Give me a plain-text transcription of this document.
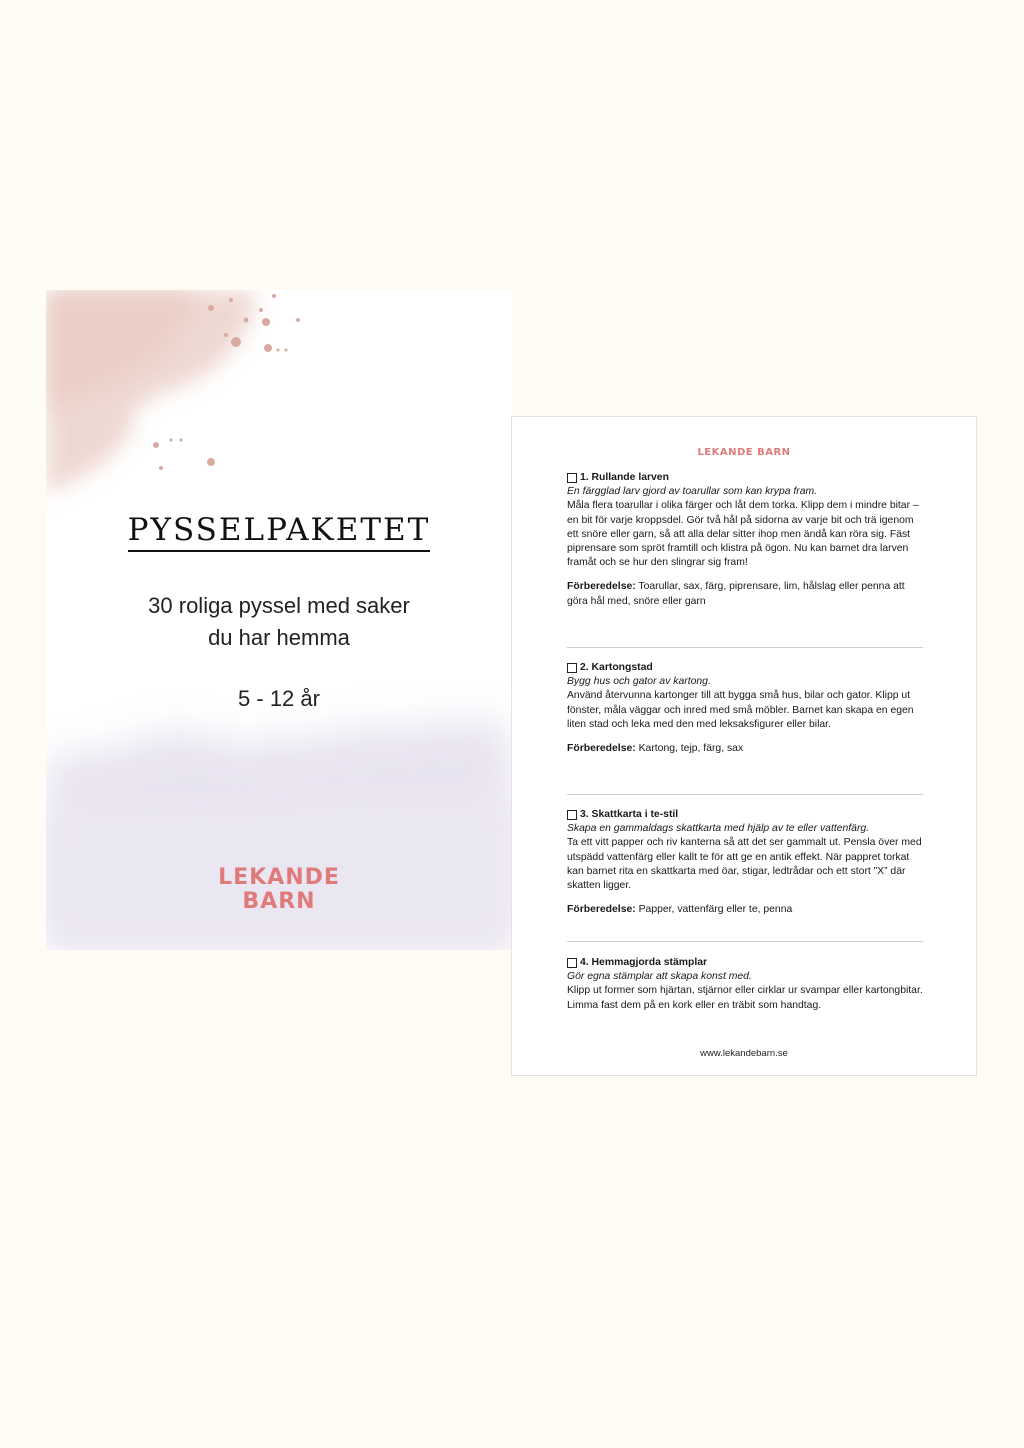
PYSSELPAKETET
30 roliga pyssel med saker
du har hemma
5 - 12 år
LEKANDE
BARN
LEKANDE BARN
1. Rullande larven
En färgglad larv gjord av toarullar som kan krypa fram.
Måla flera toarullar i olika färger och låt dem torka. Klipp dem i mindre bitar – en bit för varje kroppsdel. Gör två hål på sidorna av varje bit och trä igenom ett snöre eller garn, så att alla delar sitter ihop men ändå kan röra sig. Fäst piprensare som spröt framtill och klistra på ögon. Nu kan barnet dra larven framåt och se hur den slingrar sig fram!
Förberedelse: Toarullar, sax, färg, piprensare, lim, hålslag eller penna att göra hål med, snöre eller garn
2. Kartongstad
Bygg hus och gator av kartong.
Använd återvunna kartonger till att bygga små hus, bilar och gator. Klipp ut fönster, måla väggar och inred med små möbler. Barnet kan skapa en egen liten stad och leka med den med leksaksfigurer eller bilar.
Förberedelse: Kartong, tejp, färg, sax
3. Skattkarta i te-stil
Skapa en gammaldags skattkarta med hjälp av te eller vattenfärg.
Ta ett vitt papper och riv kanterna så att det ser gammalt ut. Pensla över med utspädd vattenfärg eller kallt te för att ge en antik effekt. När pappret torkat kan barnet rita en skattkarta med öar, stigar, ledtrådar och ett stort ”X” där skatten ligger.
Förberedelse: Papper, vattenfärg eller te, penna
4. Hemmagjorda stämplar
Gör egna stämplar att skapa konst med.
Klipp ut former som hjärtan, stjärnor eller cirklar ur svampar eller kartongbitar. Limma fast dem på en kork eller en träbit som handtag.
www.lekandebarn.se
